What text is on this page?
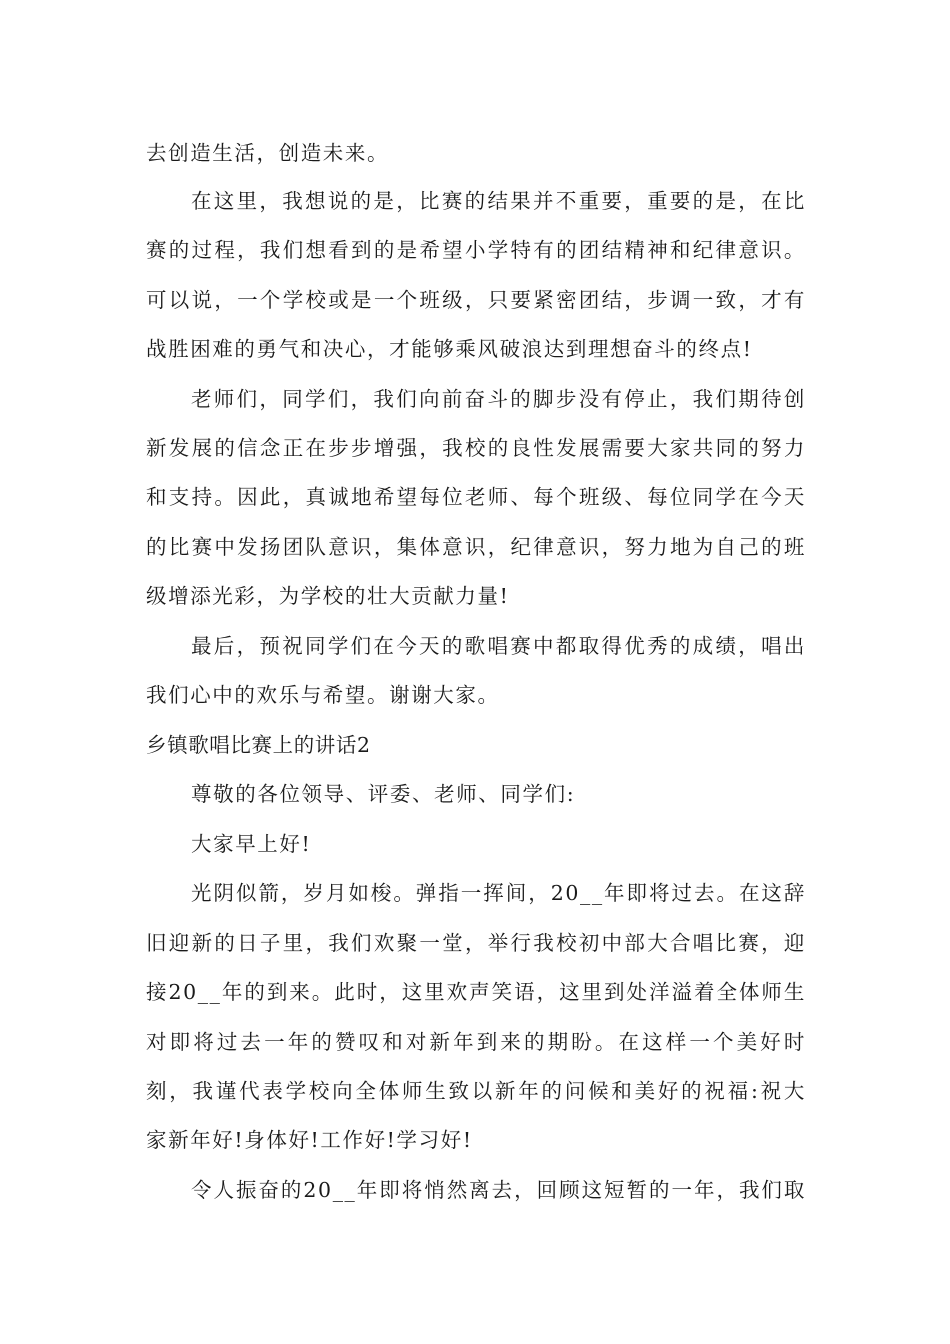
去创造生活，创造未来。
在这里，我想说的是，比赛的结果并不重要，重要的是，在比
赛的过程，我们想看到的是希望小学特有的团结精神和纪律意识。
可以说，一个学校或是一个班级，只要紧密团结，步调一致，才有
战胜困难的勇气和决心，才能够乘风破浪达到理想奋斗的终点!
老师们，同学们，我们向前奋斗的脚步没有停止，我们期待创
新发展的信念正在步步增强，我校的良性发展需要大家共同的努力
和支持。因此，真诚地希望每位老师、每个班级、每位同学在今天
的比赛中发扬团队意识，集体意识，纪律意识，努力地为自己的班
级增添光彩，为学校的壮大贡献力量!
最后，预祝同学们在今天的歌唱赛中都取得优秀的成绩，唱出
我们心中的欢乐与希望。谢谢大家。
乡镇歌唱比赛上的讲话2
尊敬的各位领导、评委、老师、同学们:
大家早上好!
光阴似箭，岁月如梭。弹指一挥间，20__年即将过去。在这辞
旧迎新的日子里，我们欢聚一堂，举行我校初中部大合唱比赛，迎
接20__年的到来。此时，这里欢声笑语，这里到处洋溢着全体师生
对即将过去一年的赞叹和对新年到来的期盼。在这样一个美好时
刻，我谨代表学校向全体师生致以新年的问候和美好的祝福:祝大
家新年好!身体好!工作好!学习好!
令人振奋的20__年即将悄然离去，回顾这短暂的一年，我们取
